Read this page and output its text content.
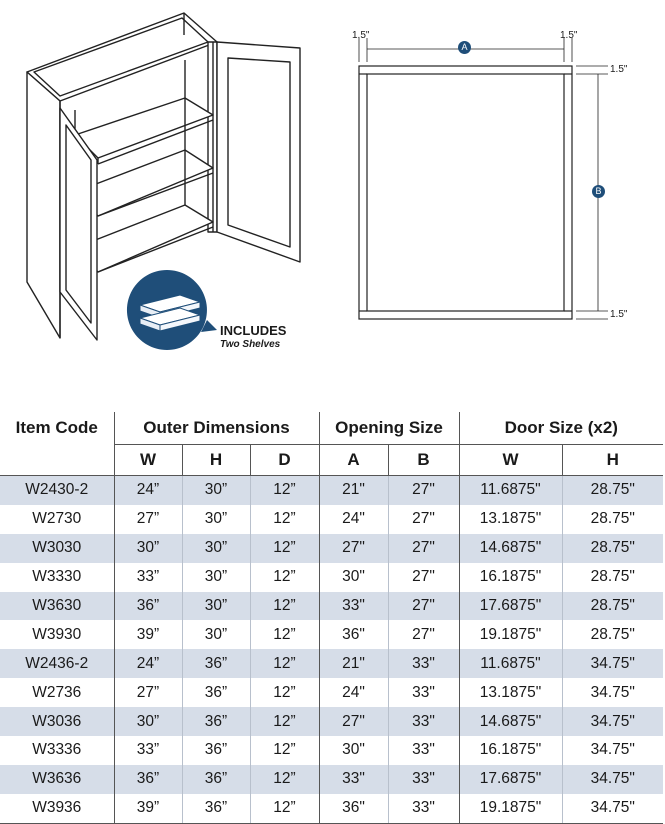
INCLUDES
Two Shelves
1.5"	1.5"
1.5"
1.5"
A
B
Item Code	Outer Dimensions			Opening Size		Door Size (x2)	
	W	H	D	A	B	W	H
W2430-2	24”	30”	12”	21"	27"	11.6875"	28.75"
W2730	27”	30”	12”	24"	27"	13.1875"	28.75"
W3030	30”	30”	12”	27"	27"	14.6875"	28.75"
W3330	33”	30”	12”	30"	27"	16.1875"	28.75"
W3630	36”	30”	12”	33"	27"	17.6875"	28.75"
W3930	39”	30”	12”	36"	27"	19.1875"	28.75"
W2436-2	24”	36”	12”	21"	33"	11.6875"	34.75"
W2736	27”	36”	12”	24"	33"	13.1875"	34.75"
W3036	30”	36”	12”	27"	33"	14.6875"	34.75"
W3336	33”	36”	12”	30"	33"	16.1875"	34.75"
W3636	36”	36”	12”	33"	33"	17.6875"	34.75"
W3936	39”	36”	12”	36"	33"	19.1875"	34.75"
